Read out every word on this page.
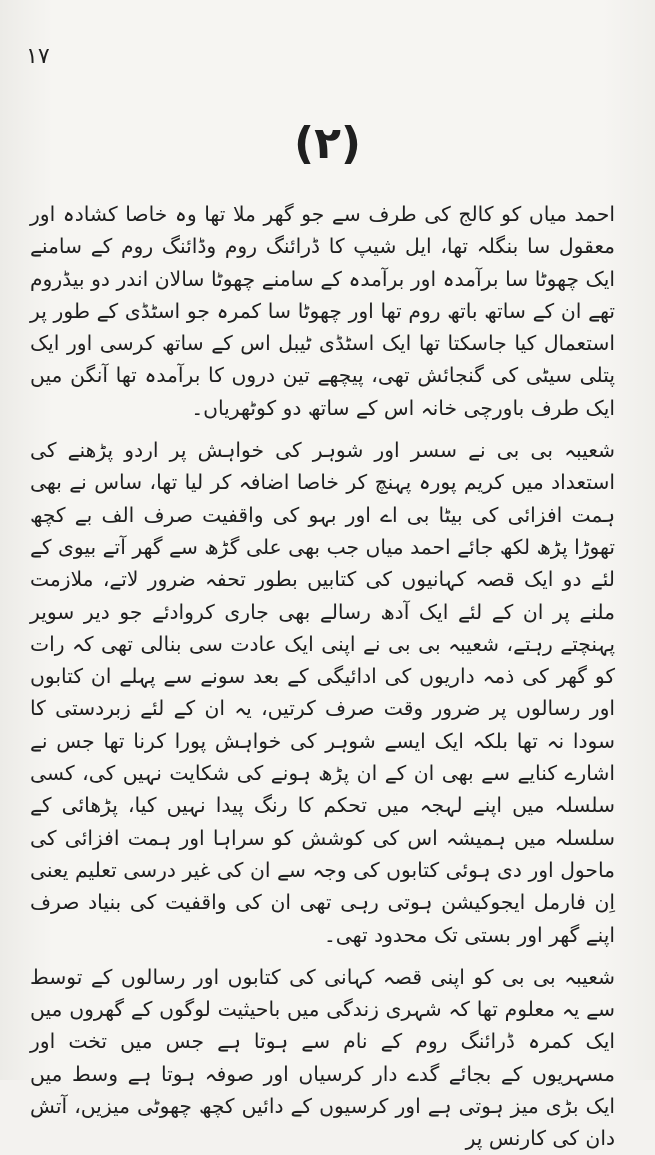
۱۷
(۲)

احمد میاں کو کالج کی طرف سے جو گھر ملا تھا وہ خاصا کشادہ اور معقول سا بنگلہ تھا، ایل شیپ کا ڈرائنگ روم وڈائنگ روم کے سامنے ایک چھوٹا سا برآمدہ اور برآمدہ کے سامنے چھوٹا سالان اندر دو بیڈروم تھے ان کے ساتھ باتھ روم تھا اور چھوٹا سا کمرہ جو اسٹڈی کے طور پر استعمال کیا جاسکتا تھا ایک اسٹڈی ٹیبل اس کے ساتھ کرسی اور ایک پتلی سیٹی کی گنجائش تھی، پیچھے تین دروں کا برآمدہ تھا آنگن میں ایک طرف باورچی خانہ اس کے ساتھ دو کوٹھریاں۔

شعیبہ بی بی نے سسر اور شوہر کی خواہش پر اردو پڑھنے کی استعداد میں کریم پورہ پہنچ کر خاصا اضافہ کر لیا تھا، ساس نے بھی ہمت افزائی کی بیٹا بی اے اور بہو کی واقفیت صرف الف بے کچھ تھوڑا پڑھ لکھ جائے احمد میاں جب بھی علی گڑھ سے گھر آتے بیوی کے لئے دو ایک قصہ کہانیوں کی کتابیں بطور تحفہ ضرور لاتے، ملازمت ملنے پر ان کے لئے ایک آدھ رسالے بھی جاری کروادئے جو دیر سویر پہنچتے رہتے، شعیبہ بی بی نے اپنی ایک عادت سی بنالی تھی کہ رات کو گھر کی ذمہ داریوں کی ادائیگی کے بعد سونے سے پہلے ان کتابوں اور رسالوں پر ضرور وقت صرف کرتیں، یہ ان کے لئے زبردستی کا سودا نہ تھا بلکہ ایک ایسے شوہر کی خواہش پورا کرنا تھا جس نے اشارے کنایے سے بھی ان کے ان پڑھ ہونے کی شکایت نہیں کی، کسی سلسلہ میں اپنے لہجہ میں تحکم کا رنگ پیدا نہیں کیا، پڑھائی کے سلسلہ میں ہمیشہ اس کی کوشش کو سراہا اور ہمت افزائی کی ماحول اور دی ہوئی کتابوں کی وجہ سے ان کی غیر درسی تعلیم یعنی اِن فارمل ایجوکیشن ہوتی رہی تھی ان کی واقفیت کی بنیاد صرف اپنے گھر اور بستی تک محدود تھی۔

شعیبہ بی بی کو اپنی قصہ کہانی کی کتابوں اور رسالوں کے توسط سے یہ معلوم تھا کہ شہری زندگی میں باحیثیت لوگوں کے گھروں میں ایک کمرہ ڈرائنگ روم کے نام سے ہوتا ہے جس میں تخت اور مسہریوں کے بجائے گدے دار کرسیاں اور صوفہ ہوتا ہے وسط میں ایک بڑی میز ہوتی ہے اور کرسیوں کے دائیں کچھ چھوٹی میزیں، آتش دان کی کارنس پر
